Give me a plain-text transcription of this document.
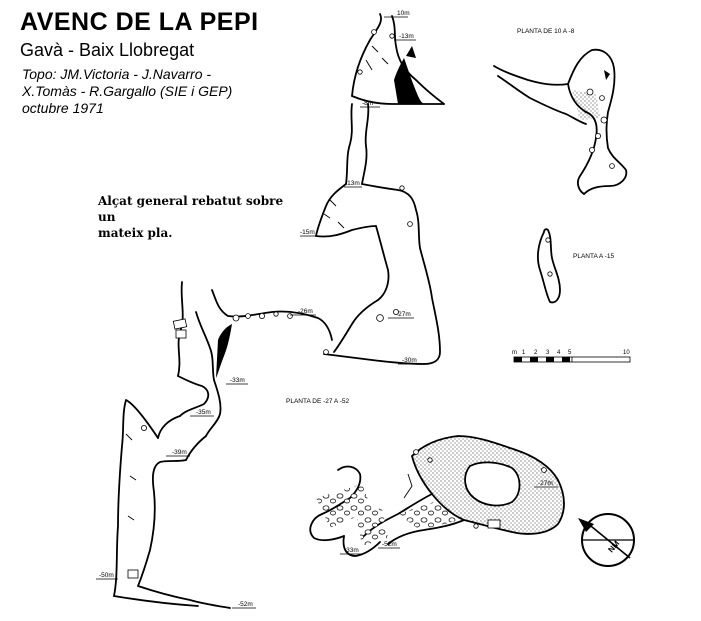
AVENC DE LA PEPI
Gavà - Baix Llobregat
Topo: JM.Victoria - J.Navarro -
X.Tomàs - R.Gargallo (SIE i GEP)
octubre 1971
Alçat general rebatut sobre un
mateix pla.
10m
-13m
-8m
-13m
-15m
-26m	-27m
-30m
-33m
-35m
-39m
-50m
-52m
-27m
-33m
-52m
PLANTA DE 10 A -8
PLANTA A -15
PLANTA DE -27 A -52
m 1 2 3 4 5	10
NM
